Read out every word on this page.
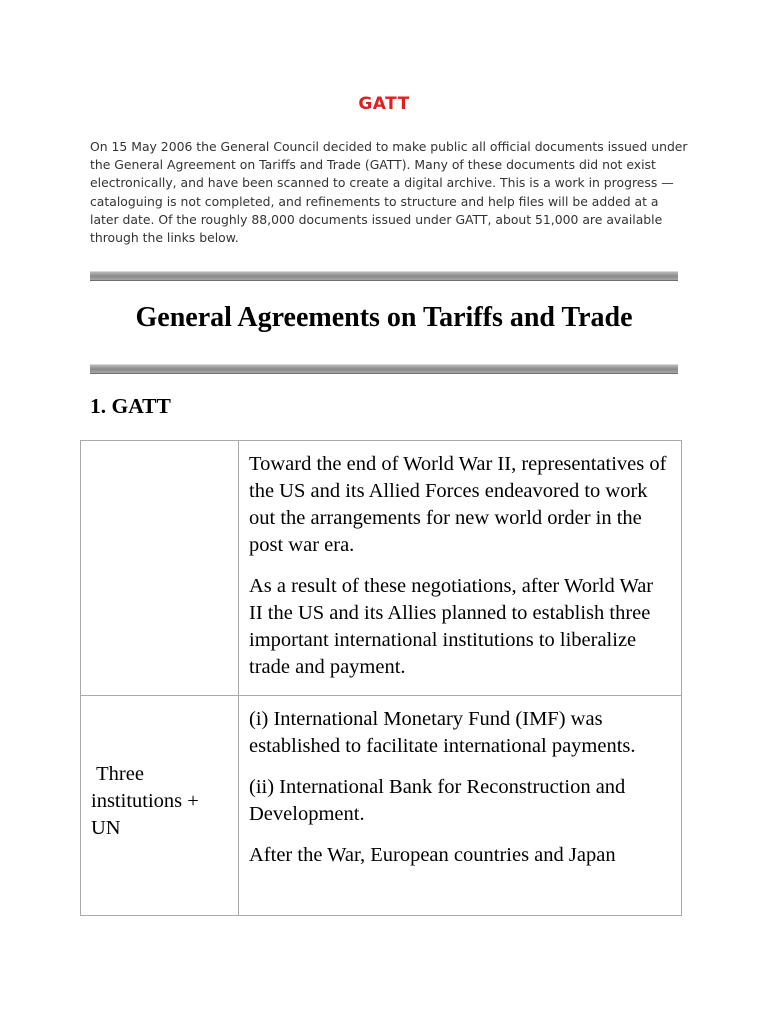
GATT

On 15 May 2006 the General Council decided to make public all official documents issued under the General Agreement on Tariffs and Trade (GATT). Many of these documents did not exist electronically, and have been scanned to create a digital archive. This is a work in progress — cataloguing is not completed, and refinements to structure and help files will be added at a later date. Of the roughly 88,000 documents issued under GATT, about 51,000 are available through the links below.

General Agreements on Tariffs and Trade
1. GATT

	Toward the end of World War II, representatives of the US and its Allied Forces endeavored to work out the arrangements for new world order in the post war era.

As a result of these negotiations, after World War II the US and its Allies planned to establish three important international institutions to liberalize trade and payment.

Three institutions + UN	(i) International Monetary Fund (IMF) was established to facilitate international payments.

(ii) International Bank for Reconstruction and Development.

After the War, European countries and Japan
